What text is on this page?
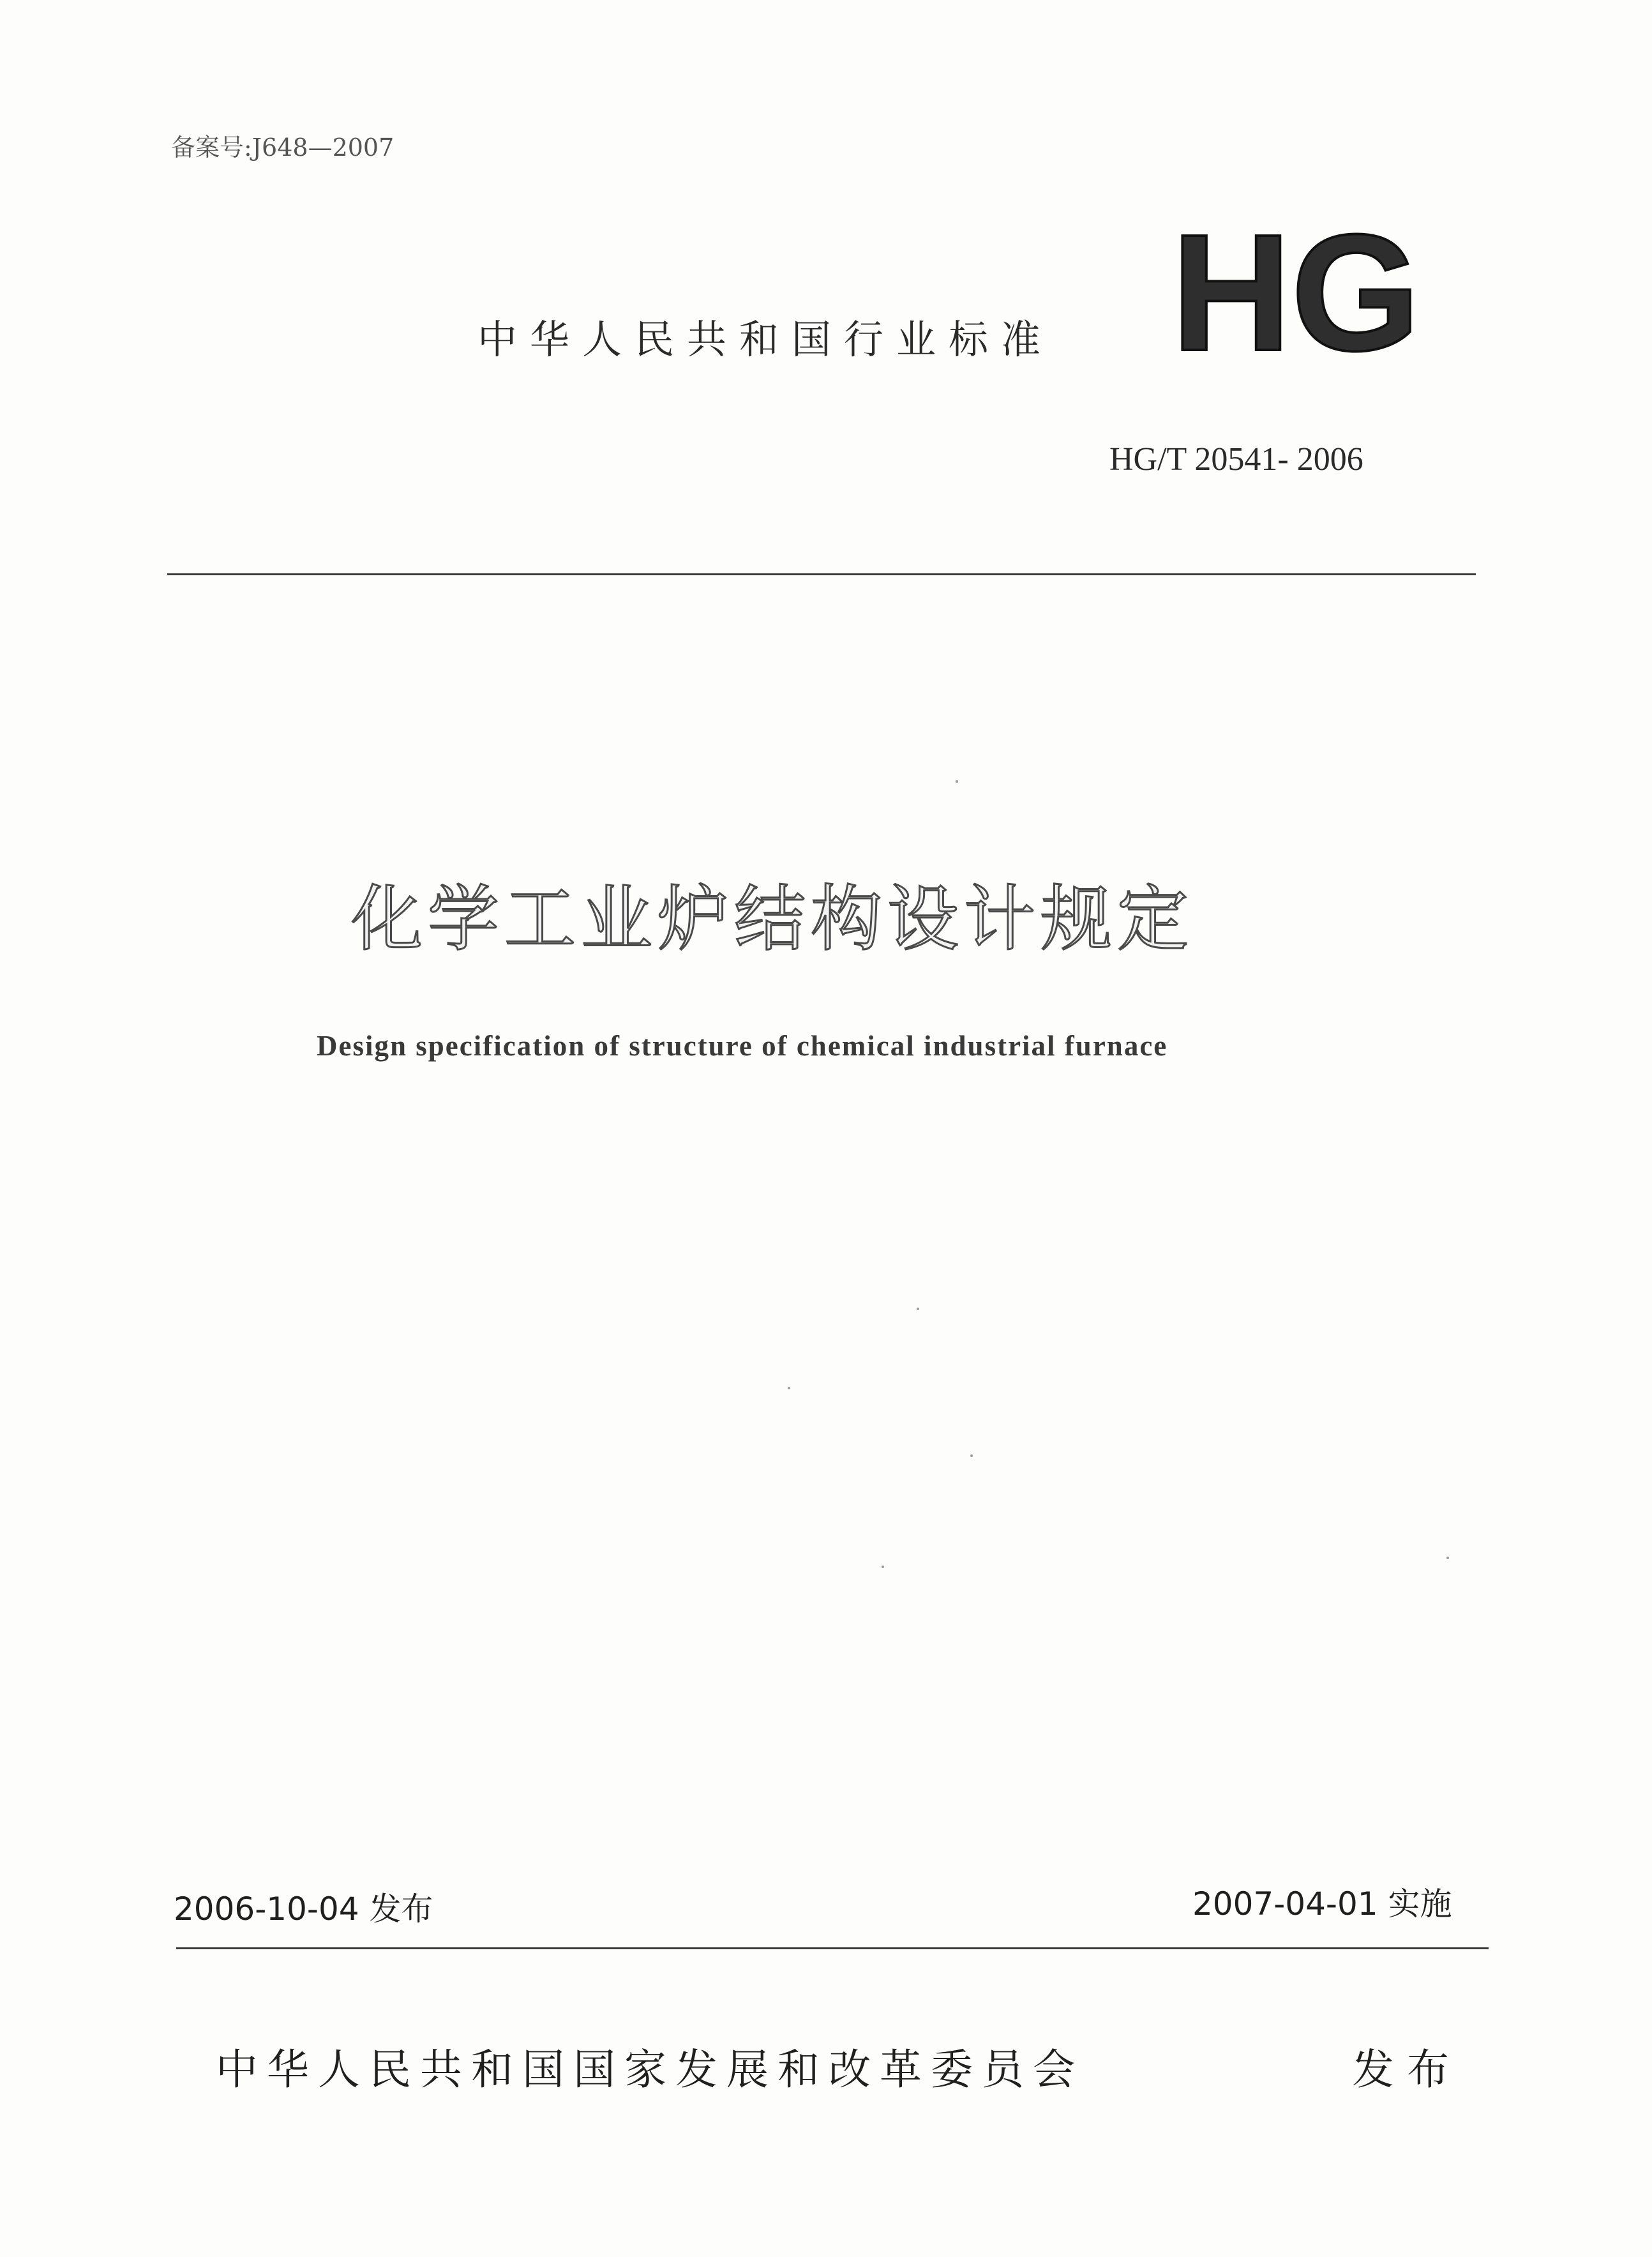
备案号:J648—2007
中华人民共和国行业标准 HG
HG/T 20541- 2006
化学工业炉结构设计规定
Design specification of structure of chemical industrial furnace
2006-10-04 发布	2007-04-01 实施
中华人民共和国国家发展和改革委员会	发布
